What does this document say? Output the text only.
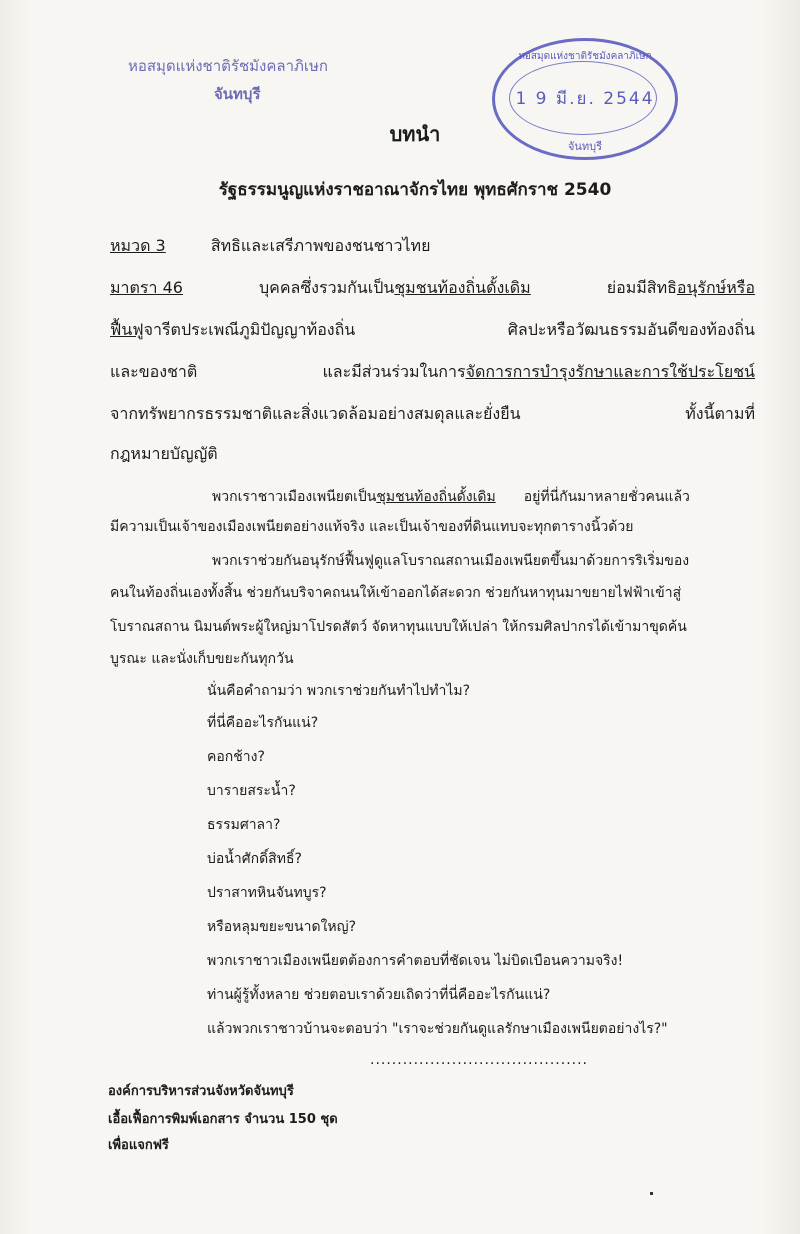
หอสมุดแห่งชาติรัชมังคลาภิเษก
จันทบุรี
หอสมุดแห่งชาติรัชมังคลาภิเษก
1 9 มี.ย. 2544
จันทบุรี
บทนำ
รัฐธรรมนูญแห่งราชอาณาจักรไทย พุทธศักราช 2540
หมวด 3	สิทธิและเสรีภาพของชนชาวไทย
มาตรา 46	บุคคลซึ่งรวมกันเป็นชุมชนท้องถิ่นดั้งเดิม	ย่อมมีสิทธิอนุรักษ์หรือ
ฟื้นฟูจารีตประเพณีภูมิปัญญาท้องถิ่น	ศิลปะหรือวัฒนธรรมอันดีของท้องถิ่น
และของชาติ	และมีส่วนร่วมในการจัดการการบำรุงรักษาและการใช้ประโยชน์
จากทรัพยากรธรรมชาติและสิ่งแวดล้อมอย่างสมดุลและยั่งยืน	ทั้งนี้ตามที่
กฎหมายบัญญัติ
พวกเราชาวเมืองเพนียตเป็นชุมชนท้องถิ่นดั้งเดิม อยู่ที่นี่กันมาหลายชั่วคนแล้ว
มีความเป็นเจ้าของเมืองเพนียตอย่างแท้จริง และเป็นเจ้าของที่ดินแทบจะทุกตารางนิ้วด้วย
พวกเราช่วยกันอนุรักษ์ฟื้นฟูดูแลโบราณสถานเมืองเพนียตขึ้นมาด้วยการริเริ่มของ
คนในท้องถิ่นเองทั้งสิ้น ช่วยกันบริจาคถนนให้เข้าออกได้สะดวก ช่วยกันหาทุนมาขยายไฟฟ้าเข้าสู่
โบราณสถาน นิมนต์พระผู้ใหญ่มาโปรดสัตว์ จัดหาทุนแบบให้เปล่า ให้กรมศิลปากรได้เข้ามาขุดค้น
บูรณะ และนั่งเก็บขยะกันทุกวัน
นั่นคือคำถามว่า พวกเราช่วยกันทำไปทำไม?
ที่นี่คืออะไรกันแน่?
คอกช้าง?
บารายสระน้ำ?
ธรรมศาลา?
บ่อน้ำศักดิ์สิทธิ์?
ปราสาทหินจันทบูร?
หรือหลุมขยะขนาดใหญ่?
พวกเราชาวเมืองเพนียตต้องการคำตอบที่ชัดเจน ไม่บิดเบือนความจริง!
ท่านผู้รู้ทั้งหลาย ช่วยตอบเราด้วยเถิดว่าที่นี่คืออะไรกันแน่?
แล้วพวกเราชาวบ้านจะตอบว่า "เราจะช่วยกันดูแลรักษาเมืองเพนียตอย่างไร?"
........................................
องค์การบริหารส่วนจังหวัดจันทบุรี
เอื้อเฟื้อการพิมพ์เอกสาร จำนวน 150 ชุด
เพื่อแจกฟรี
